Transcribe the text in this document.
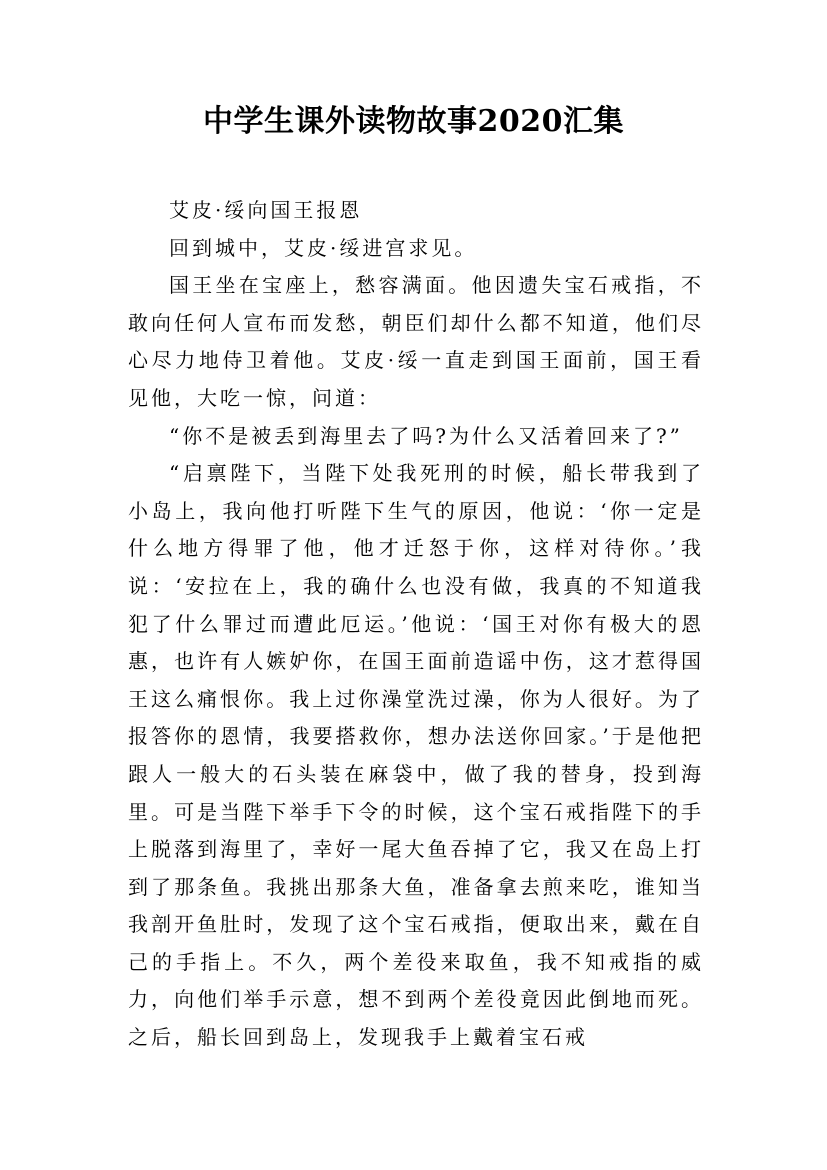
中学生课外读物故事2020汇集

艾皮·绥向国王报恩

回到城中，艾皮·绥进宫求见。

国王坐在宝座上，愁容满面。他因遗失宝石戒指，不敢向任何人宣布而发愁，朝臣们却什么都不知道，他们尽心尽力地侍卫着他。艾皮·绥一直走到国王面前，国王看见他，大吃一惊，问道：

“你不是被丢到海里去了吗?为什么又活着回来了?”

“启禀陛下，当陛下处我死刑的时候，船长带我到了小岛上，我向他打听陛下生气的原因，他说：‘你一定是什么地方得罪了他，他才迁怒于你，这样对待你。’我说：‘安拉在上，我的确什么也没有做，我真的不知道我犯了什么罪过而遭此厄运。’他说：‘国王对你有极大的恩惠，也许有人嫉妒你，在国王面前造谣中伤，这才惹得国王这么痛恨你。我上过你澡堂洗过澡，你为人很好。为了报答你的恩情，我要搭救你，想办法送你回家。’于是他把跟人一般大的石头装在麻袋中，做了我的替身，投到海里。可是当陛下举手下令的时候，这个宝石戒指陛下的手上脱落到海里了，幸好一尾大鱼吞掉了它，我又在岛上打到了那条鱼。我挑出那条大鱼，准备拿去煎来吃，谁知当我剖开鱼肚时，发现了这个宝石戒指，便取出来，戴在自己的手指上。不久，两个差役来取鱼，我不知戒指的威力，向他们举手示意，想不到两个差役竟因此倒地而死。之后，船长回到岛上，发现我手上戴着宝石戒
